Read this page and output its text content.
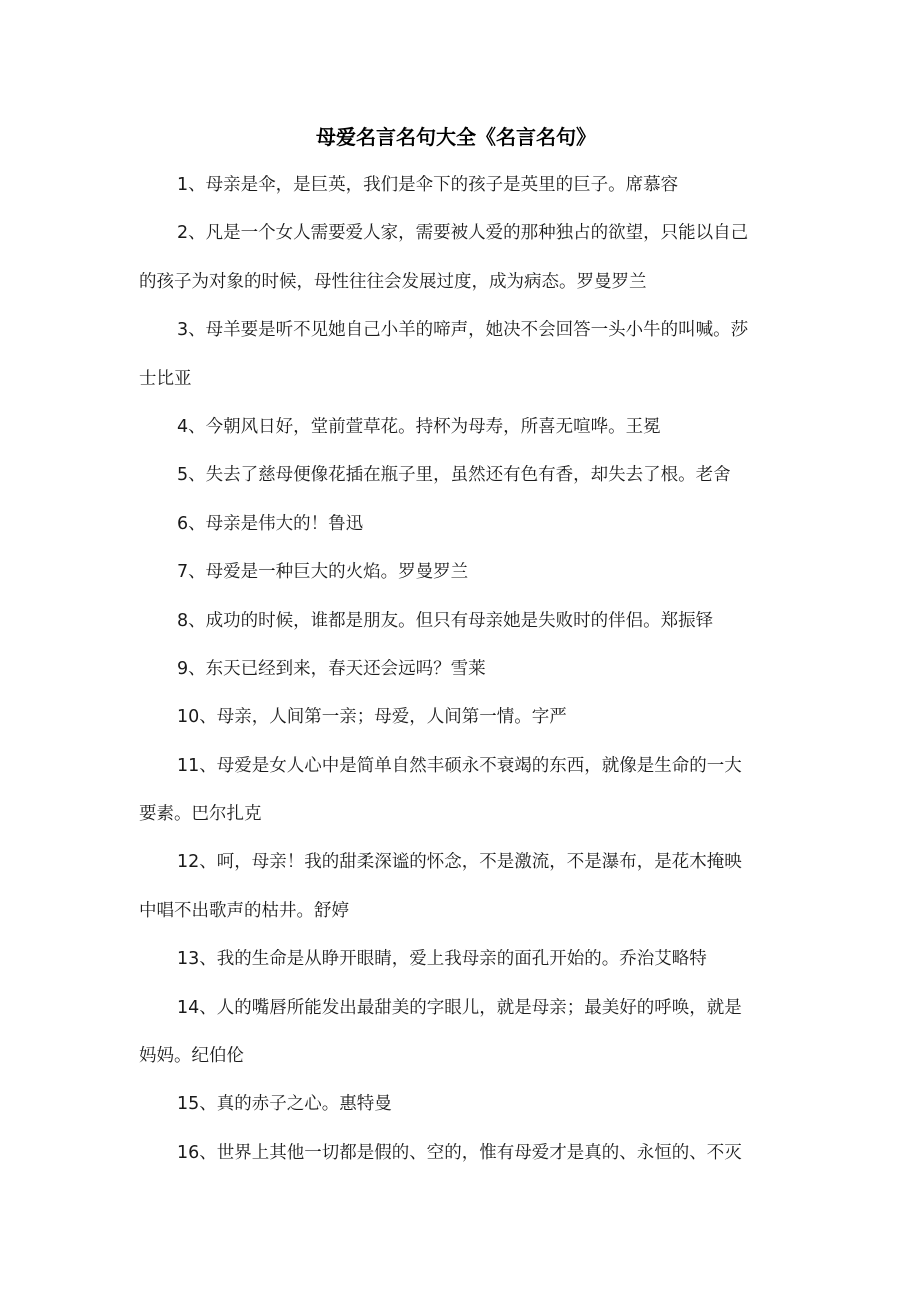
母爱名言名句大全《名言名句》
1、母亲是伞，是巨英，我们是伞下的孩子是英里的巨子。席慕容
2、凡是一个女人需要爱人家，需要被人爱的那种独占的欲望，只能以自己
的孩子为对象的时候，母性往往会发展过度，成为病态。罗曼罗兰
3、母羊要是听不见她自己小羊的啼声，她决不会回答一头小牛的叫喊。莎
士比亚
4、今朝风日好，堂前萱草花。持杯为母寿，所喜无喧哗。王冕
5、失去了慈母便像花插在瓶子里，虽然还有色有香，却失去了根。老舍
6、母亲是伟大的！鲁迅
7、母爱是一种巨大的火焰。罗曼罗兰
8、成功的时候，谁都是朋友。但只有母亲她是失败时的伴侣。郑振铎
9、东天已经到来，春天还会远吗？雪莱
10、母亲，人间第一亲；母爱，人间第一情。字严
11、母爱是女人心中是简单自然丰硕永不衰竭的东西，就像是生命的一大
要素。巴尔扎克
12、呵，母亲！我的甜柔深谧的怀念，不是激流，不是瀑布，是花木掩映
中唱不出歌声的枯井。舒婷
13、我的生命是从睁开眼睛，爱上我母亲的面孔开始的。乔治艾略特
14、人的嘴唇所能发出最甜美的字眼儿，就是母亲；最美好的呼唤，就是
妈妈。纪伯伦
15、真的赤子之心。惠特曼
16、世界上其他一切都是假的、空的，惟有母爱才是真的、永恒的、不灭
